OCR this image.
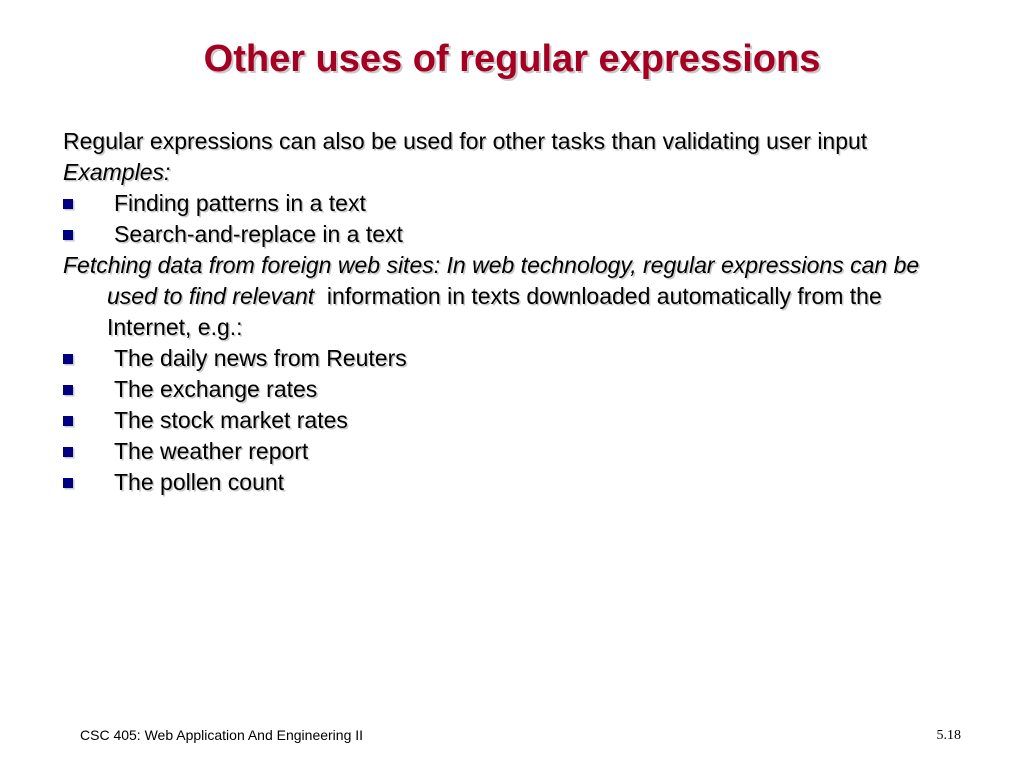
Other uses of regular expressions
Regular expressions can also be used for other tasks than validating user input
Examples:
Finding patterns in a text
Search-and-replace in a text
Fetching data from foreign web sites: In web technology, regular expressions can be used to find relevant information in texts downloaded automatically from the Internet, e.g.:
The daily news from Reuters
The exchange rates
The stock market rates
The weather report
The pollen count
CSC 405: Web Application And Engineering II	5.18
